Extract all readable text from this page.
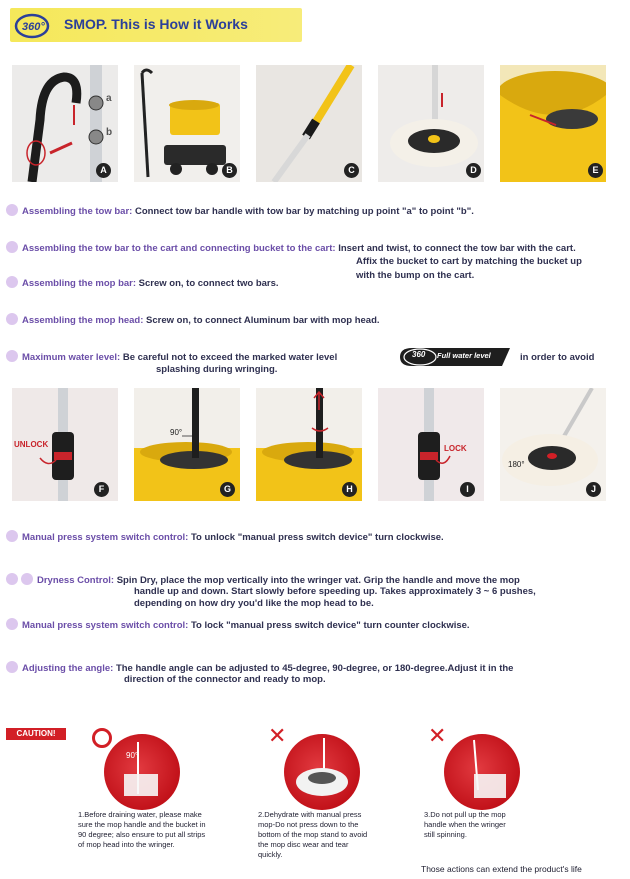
360° SMOP. This is How it Works
a
b
A	B	C	D	E
Assembling the tow bar: Connect tow bar handle with tow bar by matching up point "a" to point "b".
Assembling the tow bar to the cart and connecting bucket to the cart: Insert and twist, to connect the tow bar with the cart.
Affix the bucket to cart by matching the bucket up
with the bump on the cart.
Assembling the mop bar: Screw on, to connect two bars.
Assembling the mop head: Screw on, to connect Aluminum bar with mop head.
Maximum water level: Be careful not to exceed the marked water level	360 Full water level	in order to avoid
splashing during wringing.
UNLOCK
F
90°
G	H
LOCK
I
180°
J
Manual press system switch control: To unlock "manual press switch device" turn clockwise.
Dryness Control: Spin Dry, place the mop vertically into the wringer vat. Grip the handle and move the mop
handle up and down. Start slowly before speeding up. Takes approximately 3 ~ 6 pushes,
depending on how dry you'd like the mop head to be.
Manual press system switch control: To lock "manual press switch device" turn counter clockwise.
Adjusting the angle: The handle angle can be adjusted to 45-degree, 90-degree, or 180-degree.Adjust it in the
direction of the connector and ready to mop.
CAUTION!
90°
✕	✕
1.Before draining water, please make
sure the mop handle and the bucket in
90 degree; also ensure to put all strips
of mop head into the wringer.
2.Dehydrate with manual press
mop-Do not press down to the
bottom of the mop stand to avoid
the mop disc wear and tear
quickly.
3.Do not pull up the mop
handle when the wringer
still spinning.
Those actions can extend the product's life
